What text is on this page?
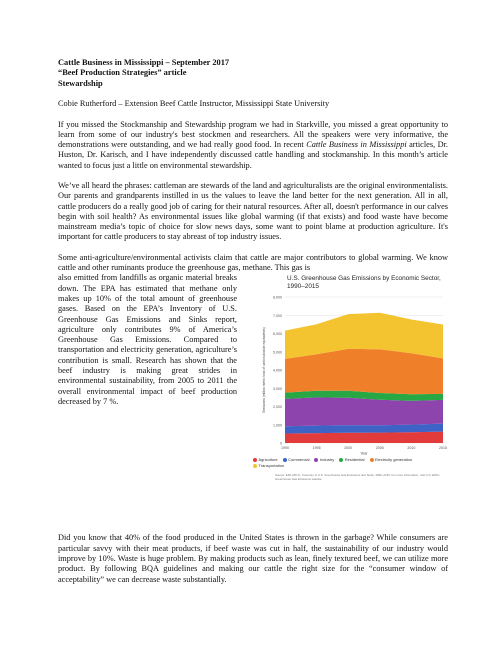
Cattle Business in Mississippi – September 2017
“Beef Production Strategies” article
Stewardship

Cobie Rutherford – Extension Beef Cattle Instructor, Mississippi State University

If you missed the Stockmanship and Stewardship program we had in Starkville, you missed a great opportunity to learn from some of our industry's best stockmen and researchers. All the speakers were very informative, the demonstrations were outstanding, and we had really good food. In recent Cattle Business in Mississippi articles, Dr. Huston, Dr. Karisch, and I have independently discussed cattle handling and stockmanship. In this month’s article wanted to focus just a little on environmental stewardship.

We’ve all heard the phrases: cattleman are stewards of the land and agriculturalists are the original environmentalists. Our parents and grandparents instilled in us the values to leave the land better for the next generation. All in all, cattle producers do a really good job of caring for their natural resources. After all, doesn't performance in our calves begin with soil health? As environmental issues like global warming (if that exists) and food waste have become mainstream media’s topic of choice for slow news days, some want to point blame at production agriculture. It's important for cattle producers to stay abreast of top industry issues.

Some anti-agriculture/environmental activists claim that cattle are major contributors to global warming. We know cattle and other ruminants produce the greenhouse gas, methane. This gas is

U.S. Greenhouse Gas Emissions by Economic Sector, 1990–2015
0
1,000
2,000
3,000
4,000
5,000
6,000
7,000
8,000
1990	1995	2000	2005	2010	2015
Emissions (million metric tons of carbon dioxide equivalents)
Year
Agriculture	Commercial	Industry	Residential	Electricity generationTransportation
Source: EPA (2017), Inventory of U.S. Greenhouse Gas Emissions and Sinks: 1990–2015. For more information, visit U.S. EPA’s Greenhouse Gas Emissions website.

also emitted from landfills as organic material breaks down. The EPA has estimated that methane only makes up 10% of the total amount of greenhouse gases. Based on the EPA’s Inventory of U.S. Greenhouse Gas Emissions and Sinks report, agriculture only contributes 9% of America’s Greenhouse Gas Emissions. Compared to transportation and electricity generation, agriculture’s contribution is small. Research has shown that the beef industry is making great strides in environmental sustainability, from 2005 to 2011 the overall environmental impact of beef production decreased by 7 %.

Did you know that 40% of the food produced in the United States is thrown in the garbage? While consumers are particular savvy with their meat products, if beef waste was cut in half, the sustainability of our industry would improve by 10%. Waste is huge problem. By making products such as lean, finely textured beef, we can utilize more product. By following BQA guidelines and making our cattle the right size for the “consumer window of acceptability” we can decrease waste substantially.
